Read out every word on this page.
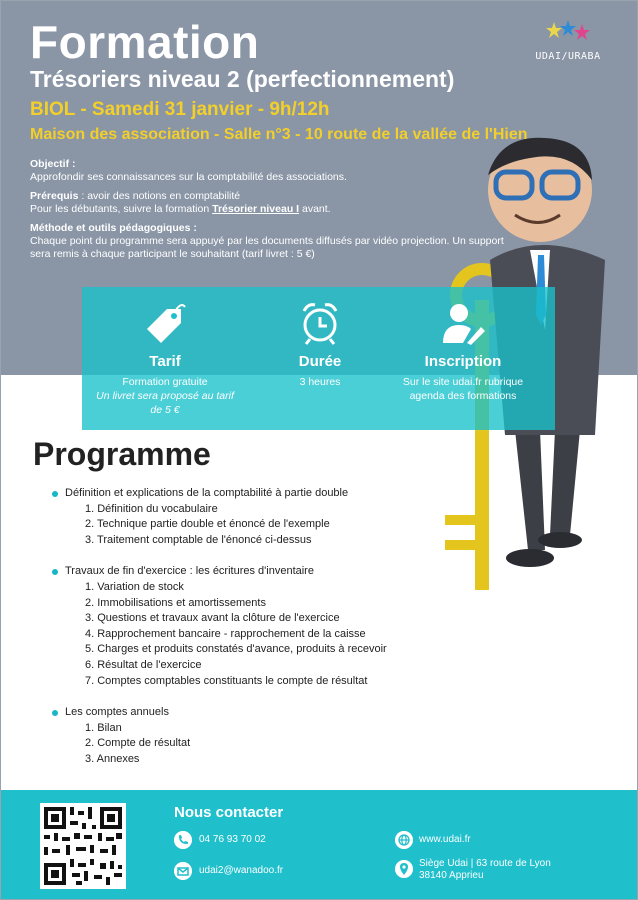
UDAI/URABA
Formation
Trésoriers niveau 2 (perfectionnement)
BIOL - Samedi 31 janvier - 9h/12h
Maison des association - Salle n°3 - 10 route de la vallée de l'Hien
Objectif :
Approfondir ses connaissances sur la comptabilité des associations.
Prérequis : avoir des notions en comptabilité
Pour les débutants, suivre la formation Trésorier niveau I avant.
Méthode et outils pédagogiques :
Chaque point du programme sera appuyé par les documents diffusés par vidéo projection. Un support sera remis à chaque participant le souhaitant (tarif livret : 5 €)
Tarif
Formation gratuite
Un livret sera proposé au tarif de 5 €
Durée
3 heures
Inscription
Sur le site udai.fr rubrique agenda des formations
Programme
Définition et explications de la comptabilité à partie double
1. Définition du vocabulaire
2. Technique partie double et énoncé de l'exemple
3. Traitement comptable de l'énoncé ci-dessus
Travaux de fin d'exercice : les écritures d'inventaire
1. Variation de stock
2. Immobilisations et amortissements
3. Questions et travaux avant la clôture de l'exercice
4. Rapprochement bancaire - rapprochement de la caisse
5. Charges et produits constatés d'avance, produits à recevoir
6. Résultat de l'exercice
7. Comptes comptables constituants le compte de résultat
Les comptes annuels
1. Bilan
2. Compte de résultat
3. Annexes
Nous contacter
04 76 93 70 02
udai2@wanadoo.fr
www.udai.fr
Siège Udai | 63 route de Lyon
38140 Apprieu
